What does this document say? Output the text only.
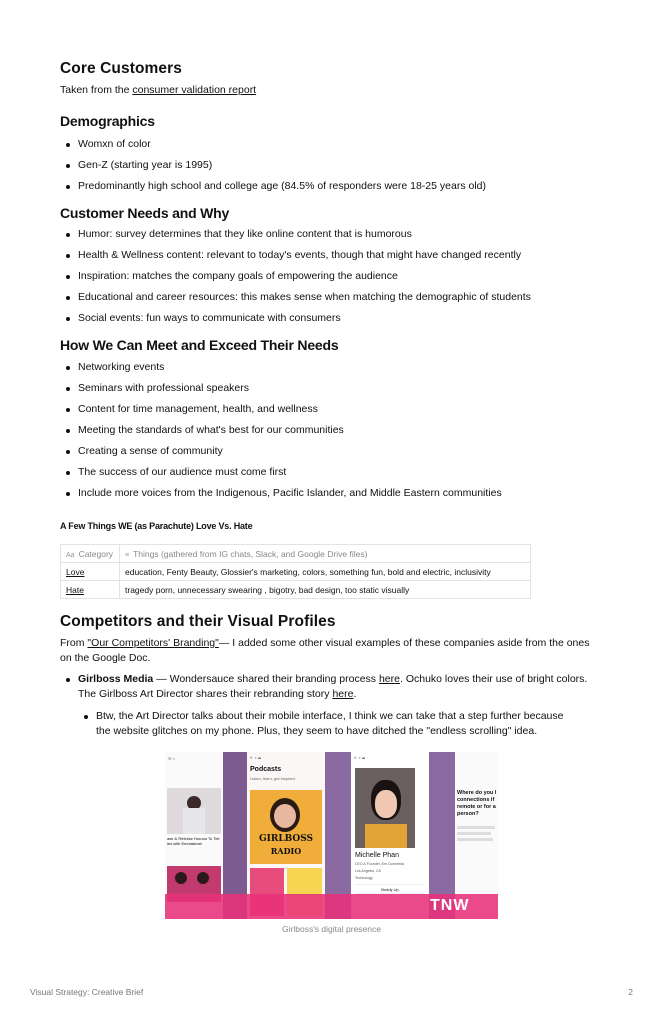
Core Customers
Taken from the consumer validation report
Demographics
Womxn of color
Gen-Z (starting year is 1995)
Predominantly high school and college age (84.5% of responders were 18-25 years old)
Customer Needs and Why
Humor: survey determines that they like online content that is humorous
Health & Wellness content: relevant to today's events, though that might have changed recently
Inspiration: matches the company goals of empowering the audience
Educational and career resources: this makes sense when matching the demographic of students
Social events: fun ways to communicate with consumers
How We Can Meet and Exceed Their Needs
Networking events
Seminars with professional speakers
Content for time management, health, and wellness
Meeting the standards of what's best for our communities
Creating a sense of community
The success of our audience must come first
Include more voices from the Indigenous, Pacific Islander, and Middle Eastern communities
A Few Things WE (as Parachute) Love Vs. Hate
Aa Category	≡ Things (gathered from IG chats, Slack, and Google Drive files)
Love	education, Fenty Beauty, Glossier's marketing, colors, something fun, bold and electric, inclusivity
Hate	tragedy porn, unnecessary swearing , bigotry, bad design, too static visually
Competitors and their Visual Profiles
From "Our Competitors' Branding"— I added some other visual examples of these companies aside from the ones
on the Google Doc.
Girlboss Media — Wondersauce shared their branding process here. Ochuko loves their use of bright colors.
The Girlboss Art Director shares their rebranding story here.
Btw, the Art Director talks about their mobile interface, I think we can take that a step further because
the website glitches on my phone. Plus, they seem to have ditched the "endless scrolling" idea.
☰ ⌕
ase & Retinise Hurunu To Tell ies with Emmabeah
9· ⌕ ☰
Podcasts
Listen, learn, get inspired.
GIRLBOSS
RADIO
9· ⌕ ☰
Michelle Phan
CEO & Founder, Em Cosmetics
Los Angeles, CA
Technology
Buddy Up
Where do you l connections if remote or for a person?
TNW
Girlboss's digital presence
Visual Strategy: Creative Brief	2
